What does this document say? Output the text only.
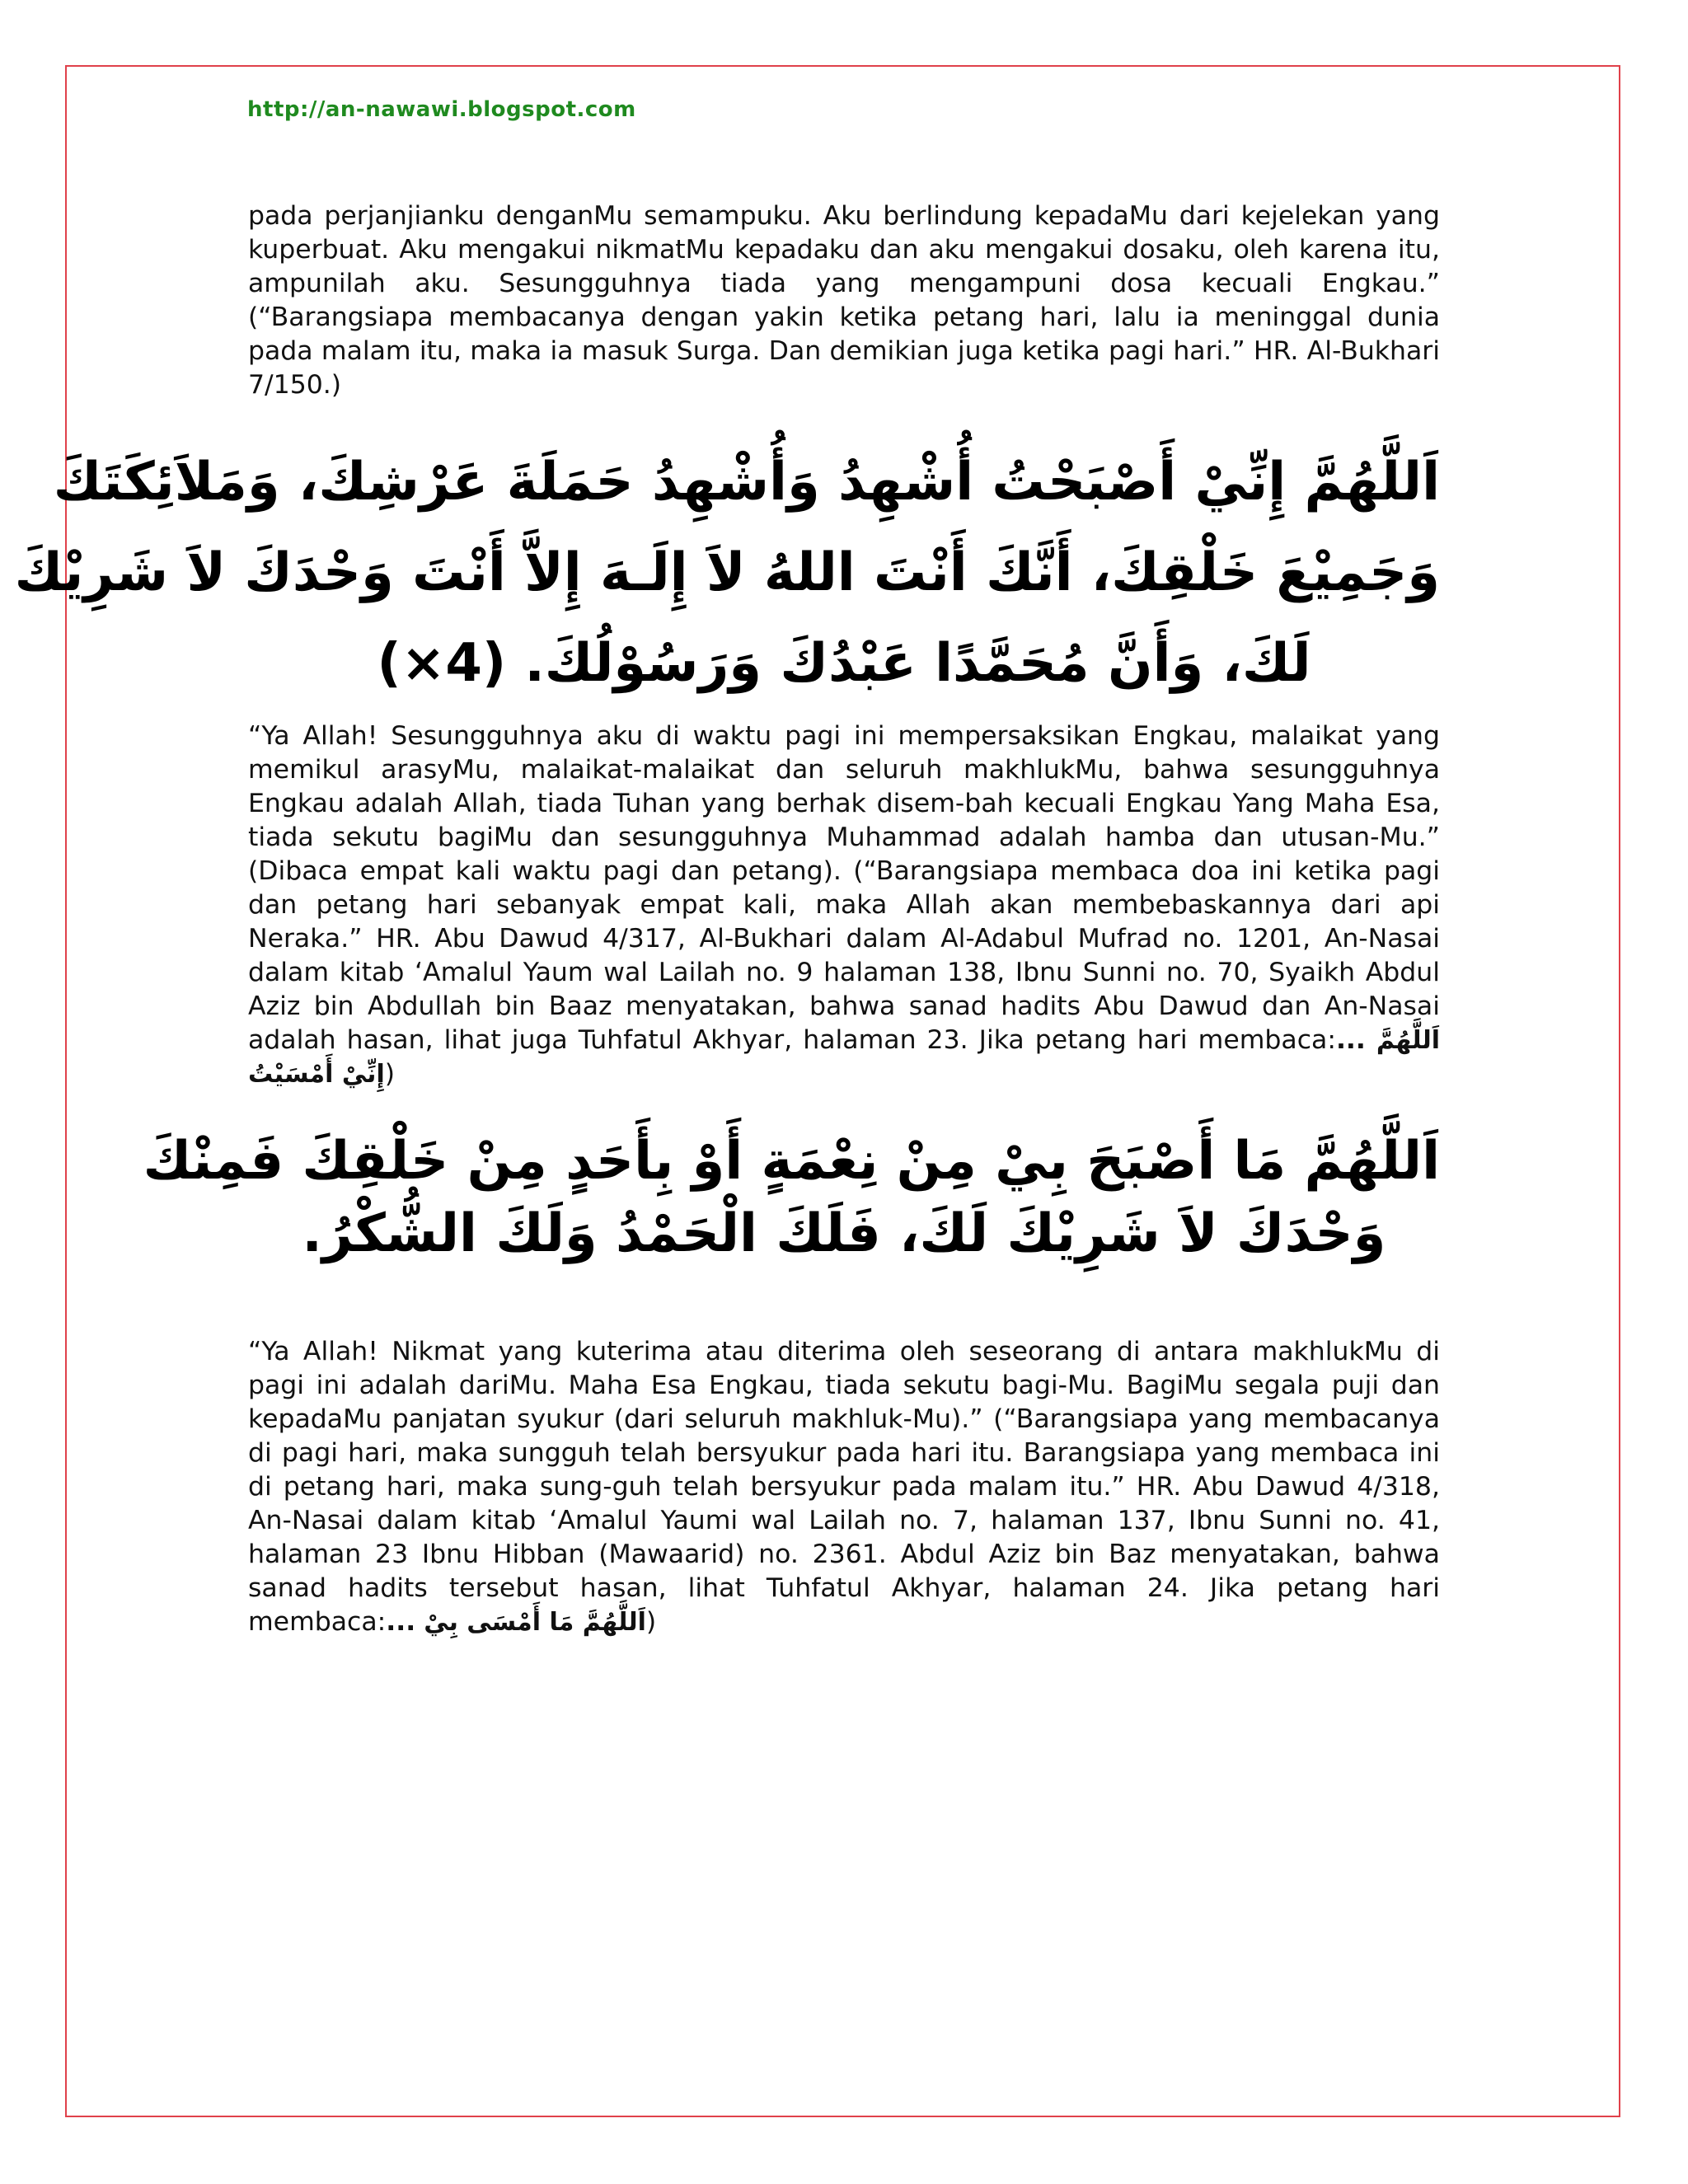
http://an-nawawi.blogspot.com

pada perjanjianku denganMu semampuku. Aku berlindung kepadaMu dari kejelekan yang kuperbuat. Aku mengakui nikmatMu kepadaku dan aku mengakui dosaku, oleh karena itu, ampunilah aku. Sesungguhnya tiada yang mengampuni dosa kecuali Engkau.” (“Barangsiapa membacanya dengan yakin ketika petang hari, lalu ia meninggal dunia pada malam itu, maka ia masuk Surga. Dan demikian juga ketika pagi hari.” HR. Al-Bukhari 7/150.)

اَللَّهُمَّ إِنِّيْ أَصْبَحْتُ أُشْهِدُ وَأُشْهِدُ حَمَلَةَ عَرْشِكَ، وَمَلاَئِكَتَكَ
وَجَمِيْعَ خَلْقِكَ، أَنَّكَ أَنْتَ اللهُ لاَ إِلَـهَ إِلاَّ أَنْتَ وَحْدَكَ لاَ شَرِيْكَ
لَكَ، وَأَنَّ مُحَمَّدًا عَبْدُكَ وَرَسُوْلُكَ. (4×)

“Ya Allah! Sesungguhnya aku di waktu pagi ini mempersaksikan Engkau, malaikat yang memikul arasyMu, malaikat-malaikat dan seluruh makhlukMu, bahwa sesungguhnya Engkau adalah Allah, tiada Tuhan yang berhak disem-bah kecuali Engkau Yang Maha Esa, tiada sekutu bagiMu dan sesungguhnya Muhammad adalah hamba dan utusan-Mu.” (Dibaca empat kali waktu pagi dan petang). (“Barangsiapa membaca doa ini ketika pagi dan petang hari sebanyak empat kali, maka Allah akan membebaskannya dari api Neraka.” HR. Abu Dawud 4/317, Al-Bukhari dalam Al-Adabul Mufrad no. 1201, An-Nasai dalam kitab ‘Amalul Yaum wal Lailah no. 9 halaman 138, Ibnu Sunni no. 70, Syaikh Abdul Aziz bin Abdullah bin Baaz menyatakan, bahwa sanad hadits Abu Dawud dan An-Nasai adalah hasan, lihat juga Tuhfatul Akhyar, halaman 23. Jika petang hari membaca:... اَللَّهُمَّ إِنِّيْ أَمْسَيْتُ)

اَللَّهُمَّ مَا أَصْبَحَ بِيْ مِنْ نِعْمَةٍ أَوْ بِأَحَدٍ مِنْ خَلْقِكَ فَمِنْكَ
وَحْدَكَ لاَ شَرِيْكَ لَكَ، فَلَكَ الْحَمْدُ وَلَكَ الشُّكْرُ.

“Ya Allah! Nikmat yang kuterima atau diterima oleh seseorang di antara makhlukMu di pagi ini adalah dariMu. Maha Esa Engkau, tiada sekutu bagi-Mu. BagiMu segala puji dan kepadaMu panjatan syukur (dari seluruh makhluk-Mu).” (“Barangsiapa yang membacanya di pagi hari, maka sungguh telah bersyukur pada hari itu. Barangsiapa yang membaca ini di petang hari, maka sung-guh telah bersyukur pada malam itu.” HR. Abu Dawud 4/318, An-Nasai dalam kitab ‘Amalul Yaumi wal Lailah no. 7, halaman 137, Ibnu Sunni no. 41, halaman 23 Ibnu Hibban (Mawaarid) no. 2361. Abdul Aziz bin Baz menyatakan, bahwa sanad hadits tersebut hasan, lihat Tuhfatul Akhyar, halaman 24. Jika petang hari membaca:... اَللَّهُمَّ مَا أَمْسَى بِيْ)
